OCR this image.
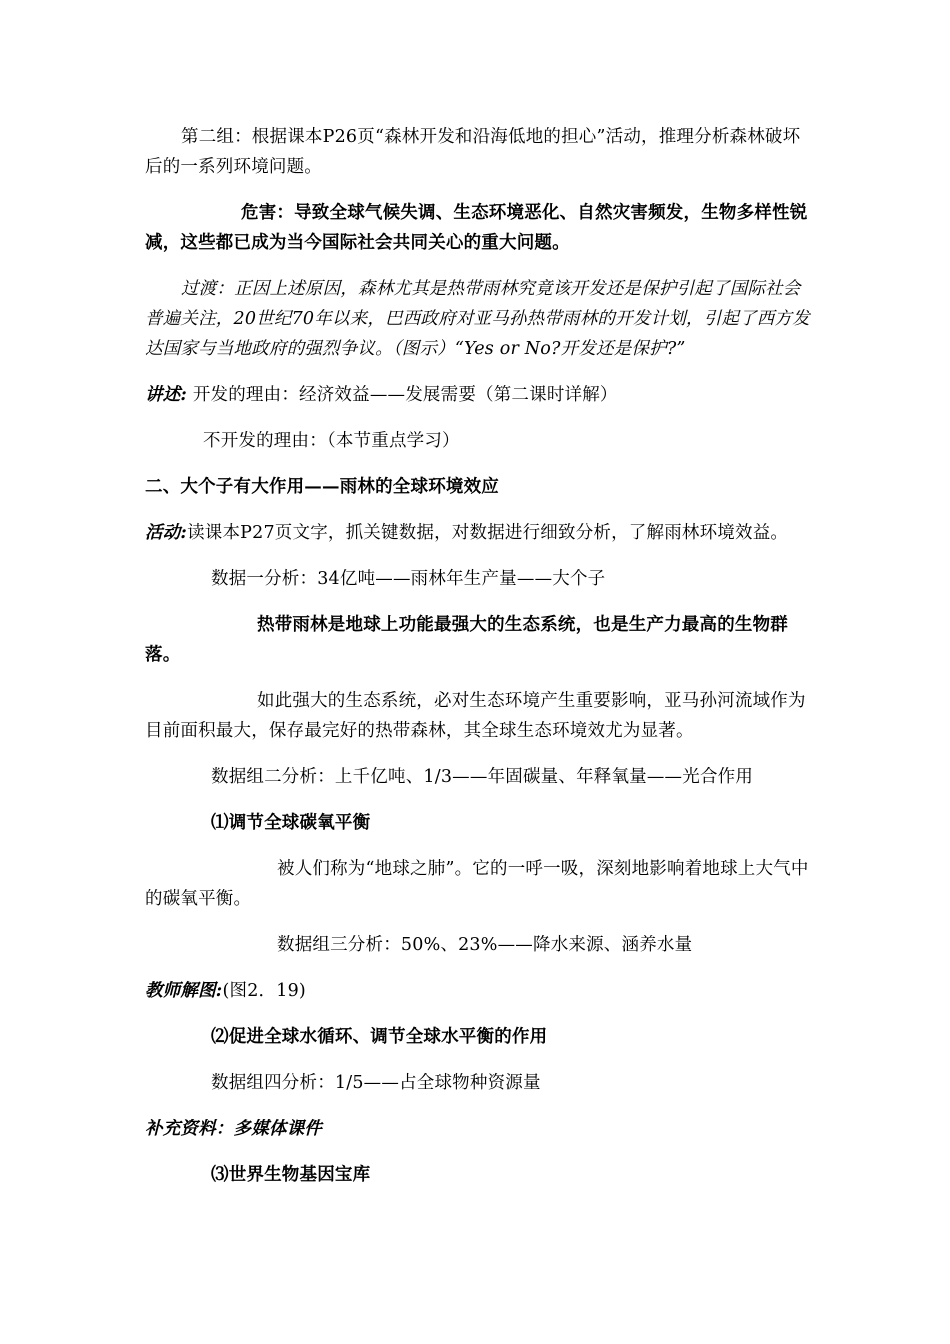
第二组：根据课本P26页“森林开发和沿海低地的担心”活动，推理分析森林破坏后的一系列环境问题。

危害：导致全球气候失调、生态环境恶化、自然灾害频发，生物多样性锐减，这些都已成为当今国际社会共同关心的重大问题。

过渡：正因上述原因，森林尤其是热带雨林究竟该开发还是保护引起了国际社会普遍关注，20世纪70年以来，巴西政府对亚马孙热带雨林的开发计划，引起了西方发达国家与当地政府的强烈争议。（图示）“Yes or No?开发还是保护?”

讲述: 开发的理由：经济效益——发展需要（第二课时详解）

不开发的理由：（本节重点学习）

二、大个子有大作用——雨林的全球环境效应

活动:读课本P27页文字，抓关键数据，对数据进行细致分析，了解雨林环境效益。

数据一分析：34亿吨——雨林年生产量——大个子

热带雨林是地球上功能最强大的生态系统，也是生产力最高的生物群落。

如此强大的生态系统，必对生态环境产生重要影响，亚马孙河流域作为目前面积最大，保存最完好的热带森林，其全球生态环境效尤为显著。

数据组二分析：上千亿吨、1/3——年固碳量、年释氧量——光合作用

⑴调节全球碳氧平衡

被人们称为“地球之肺”。它的一呼一吸，深刻地影响着地球上大气中的碳氧平衡。

数据组三分析：50%、23%——降水来源、涵养水量

教师解图:(图2．19)

⑵促进全球水循环、调节全球水平衡的作用

数据组四分析：1/5——占全球物种资源量

补充资料：多媒体课件

⑶世界生物基因宝库
